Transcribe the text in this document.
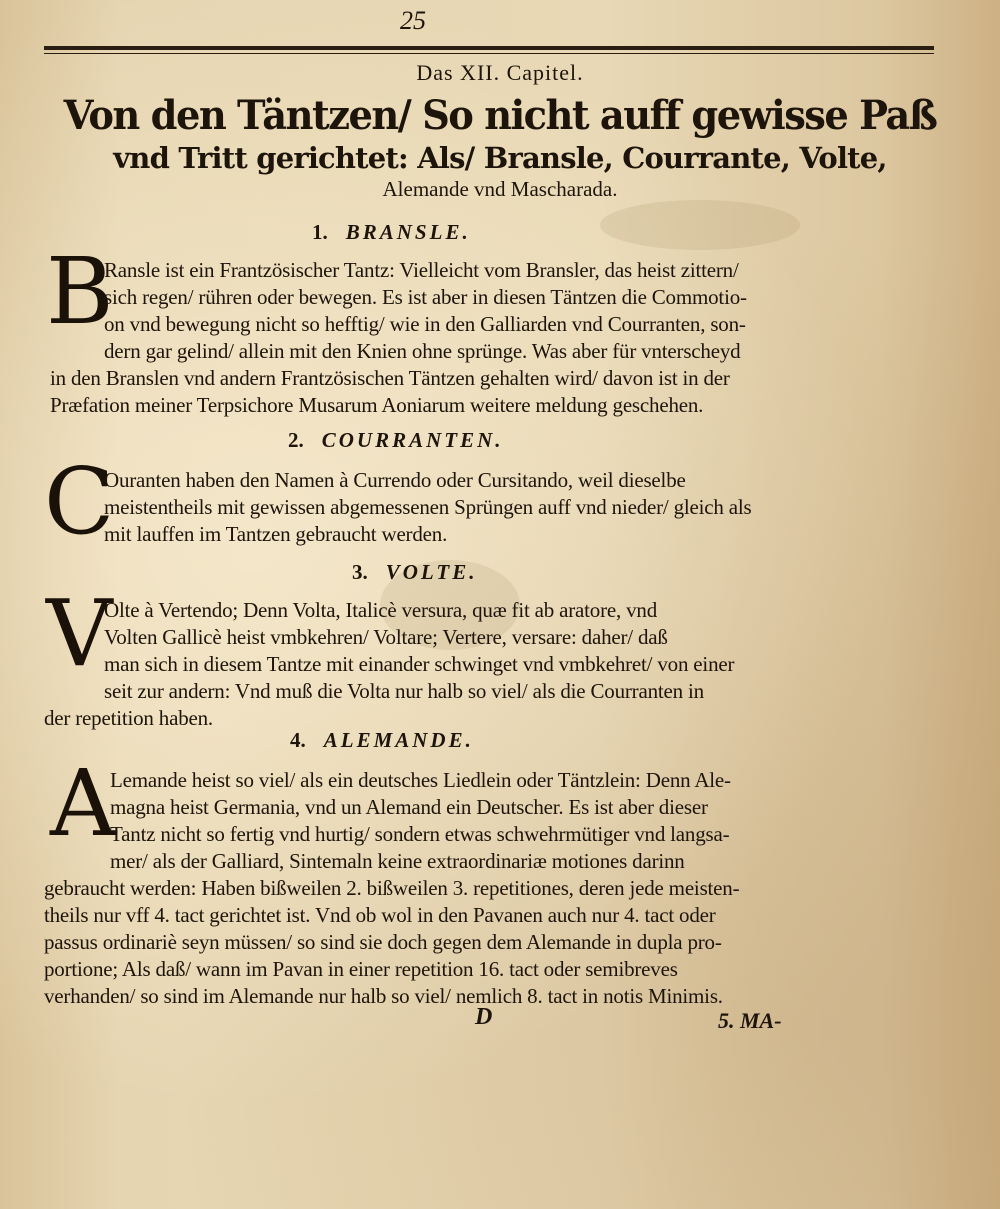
25
Das XII. Capitel.
Von den Täntzen/ So nicht auff gewisse Paß
vnd Tritt gerichtet: Als/ Bransle, Courrante, Volte,
Alemande vnd Mascharada.
1. BRANSLE.
B
Ransle ist ein Frantzösischer Tantz: Vielleicht vom Bransler, das heist zittern/
sich regen/ rühren oder bewegen. Es ist aber in diesen Täntzen die Commotio-
on vnd bewegung nicht so hefftig/ wie in den Galliarden vnd Courranten, son-
dern gar gelind/ allein mit den Knien ohne sprünge. Was aber für vnterscheyd
in den Branslen vnd andern Frantzösischen Täntzen gehalten wird/ davon ist in der
Præfation meiner Terpsichore Musarum Aoniarum weitere meldung geschehen.
2. COURRANTEN.
C
Ouranten haben den Namen à Currendo oder Cursitando, weil dieselbe
meistentheils mit gewissen abgemessenen Sprüngen auff vnd nieder/ gleich als
mit lauffen im Tantzen gebraucht werden.
3. VOLTE.
V
Olte à Vertendo; Denn Volta, Italicè versura, quæ fit ab aratore, vnd
Volten Gallicè heist vmbkehren/ Voltare; Vertere, versare: daher/ daß
man sich in diesem Tantze mit einander schwinget vnd vmbkehret/ von einer
seit zur andern: Vnd muß die Volta nur halb so viel/ als die Courranten in
der repetition haben.
4. ALEMANDE.
A
Lemande heist so viel/ als ein deutsches Liedlein oder Täntzlein: Denn Ale-
magna heist Germania, vnd un Alemand ein Deutscher. Es ist aber dieser
Tantz nicht so fertig vnd hurtig/ sondern etwas schwehrmütiger vnd langsa-
mer/ als der Galliard, Sintemaln keine extraordinariæ motiones darinn
gebraucht werden: Haben bißweilen 2. bißweilen 3. repetitiones, deren jede meisten-
theils nur vff 4. tact gerichtet ist. Vnd ob wol in den Pavanen auch nur 4. tact oder
passus ordinariè seyn müssen/ so sind sie doch gegen dem Alemande in dupla pro-
portione; Als daß/ wann im Pavan in einer repetition 16. tact oder semibreves
verhanden/ so sind im Alemande nur halb so viel/ nemlich 8. tact in notis Minimis.
D	5. MA-
